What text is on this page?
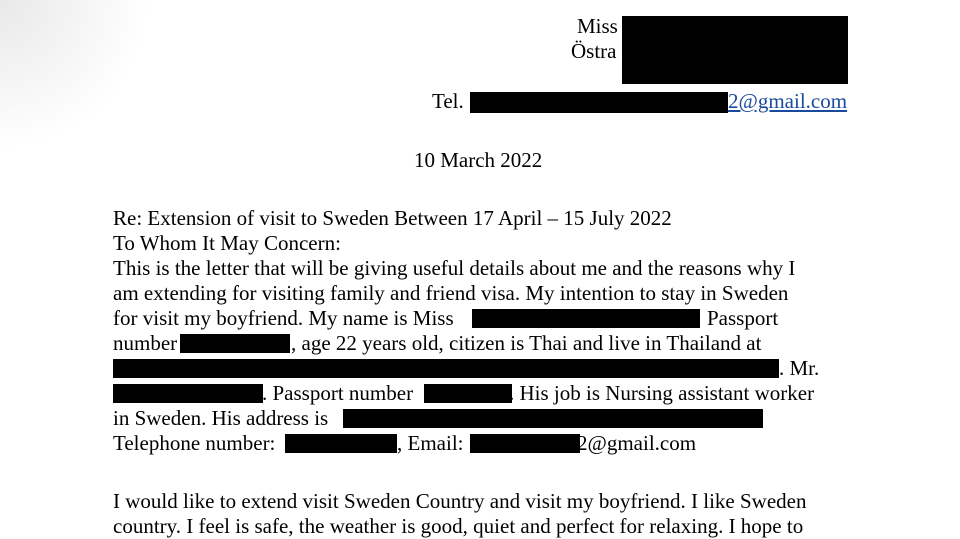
Miss
Östra
Tel.	2@gmail.com
10 March 2022
Re: Extension of visit to Sweden Between 17 April – 15 July 2022
To Whom It May Concern:
This is the letter that will be giving useful details about me and the reasons why I
am extending for visiting family and friend visa. My intention to stay in Sweden
for visit my boyfriend. My name is Miss	Passport
number	, age 22 years old, citizen is Thai and live in Thailand at
. Mr.
. Passport number	. His job is Nursing assistant worker
in Sweden. His address is
Telephone number:	, Email:	2@gmail.com
I would like to extend visit Sweden Country and visit my boyfriend. I like Sweden
country. I feel is safe, the weather is good, quiet and perfect for relaxing. I hope to
